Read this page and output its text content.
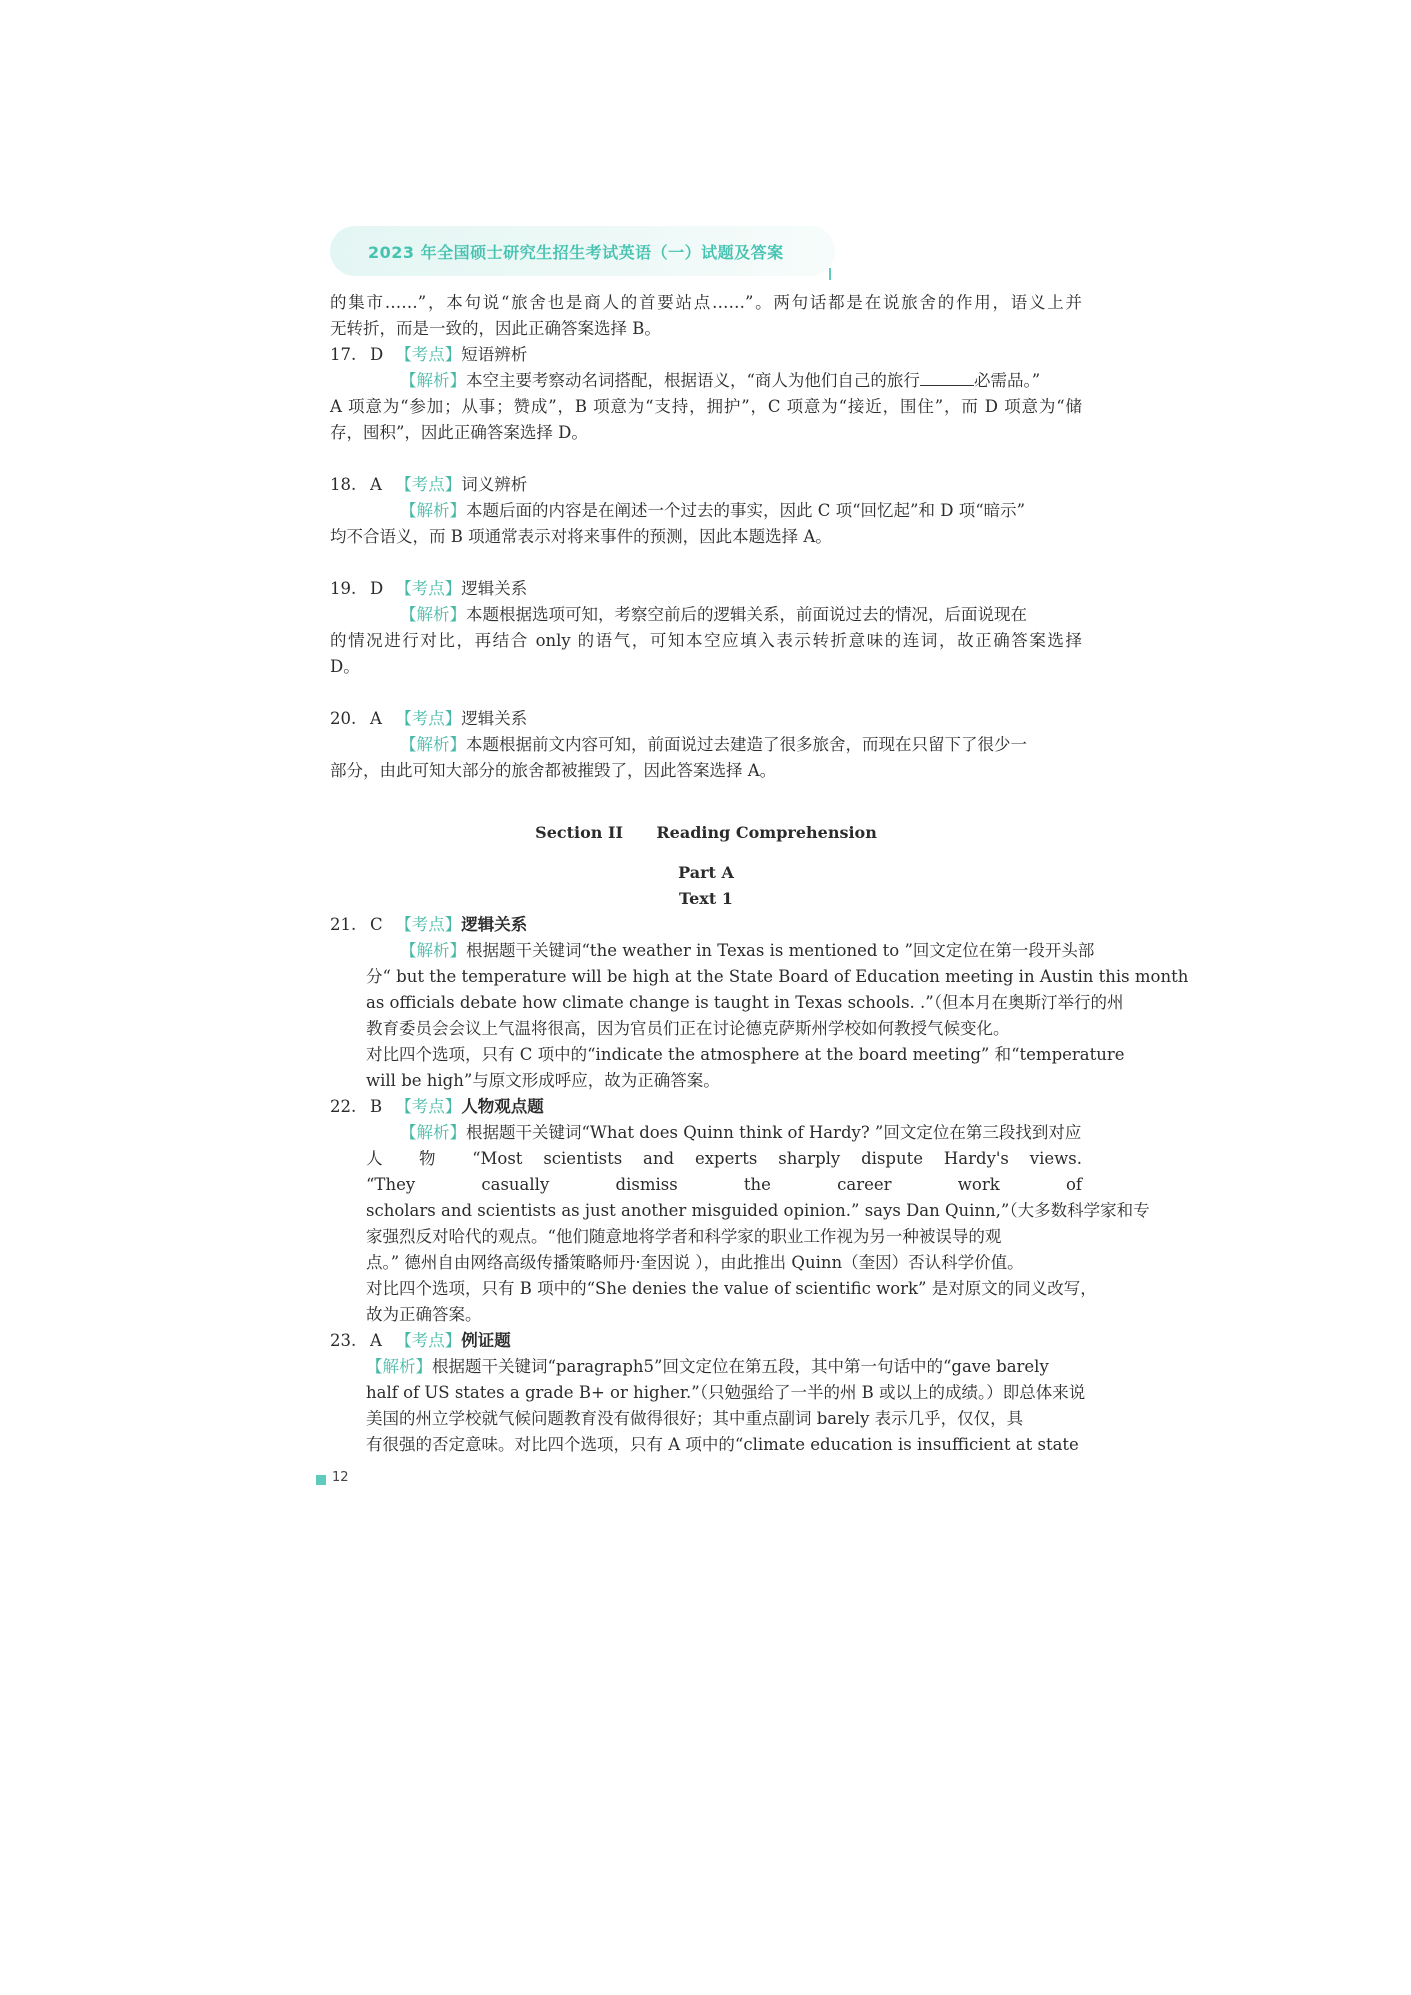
2023 年全国硕士研究生招生考试英语（一）试题及答案
的集市……”，本句说“旅舍也是商人的首要站点……”。两句话都是在说旅舍的作用，语义上并
无转折，而是一致的，因此正确答案选择 B。
17. D 【考点】短语辨析
【解析】本空主要考察动名词搭配，根据语义，“商人为他们自己的旅行	必需品。”
A 项意为“参加；从事；赞成”，B 项意为“支持，拥护”，C 项意为“接近，围住”，而 D 项意为“储
存，囤积”，因此正确答案选择 D。
18. A 【考点】词义辨析
【解析】本题后面的内容是在阐述一个过去的事实，因此 C 项“回忆起”和 D 项“暗示”
均不合语义，而 B 项通常表示对将来事件的预测，因此本题选择 A。
19. D 【考点】逻辑关系
【解析】本题根据选项可知，考察空前后的逻辑关系，前面说过去的情况，后面说现在
的情况进行对比，再结合 only 的语气，可知本空应填入表示转折意味的连词，故正确答案选择
D。
20. A 【考点】逻辑关系
【解析】本题根据前文内容可知，前面说过去建造了很多旅舍，而现在只留下了很少一
部分，由此可知大部分的旅舍都被摧毁了，因此答案选择 A。
Section II      Reading Comprehension
Part A
Text 1
21. C 【考点】逻辑关系
【解析】根据题干关键词“the weather in Texas is mentioned to ”回文定位在第一段开头部
分“ but the temperature will be high at the State Board of Education meeting in Austin this month
as officials debate how climate change is taught in Texas schools. .”（但本月在奥斯汀举行的州
教育委员会会议上气温将很高，因为官员们正在讨论德克萨斯州学校如何教授气候变化。
对比四个选项，只有 C 项中的“indicate the atmosphere at the board meeting” 和“temperature
will be high”与原文形成呼应，故为正确答案。
22. B 【考点】人物观点题
【解析】根据题干关键词“What does Quinn think of Hardy? ”回文定位在第三段找到对应
人 物 “Most scientists and experts sharply dispute Hardy's views.
“They casually dismiss the career work of
scholars and scientists as just another misguided opinion.” says Dan Quinn,”（大多数科学家和专
家强烈反对哈代的观点。“他们随意地将学者和科学家的职业工作视为另一种被误导的观
点。” 德州自由网络高级传播策略师丹·奎因说 ），由此推出 Quinn（奎因）否认科学价值。
对比四个选项，只有 B 项中的“She denies the value of scientific work” 是对原文的同义改写，
故为正确答案。
23. A 【考点】例证题
【解析】根据题干关键词“paragraph5”回文定位在第五段，其中第一句话中的“gave barely
half of US states a grade B+ or higher.”（只勉强给了一半的州 B 或以上的成绩。）即总体来说
美国的州立学校就气候问题教育没有做得很好；其中重点副词 barely 表示几乎，仅仅，具
有很强的否定意味。对比四个选项，只有 A 项中的“climate education is insufficient at state
12
